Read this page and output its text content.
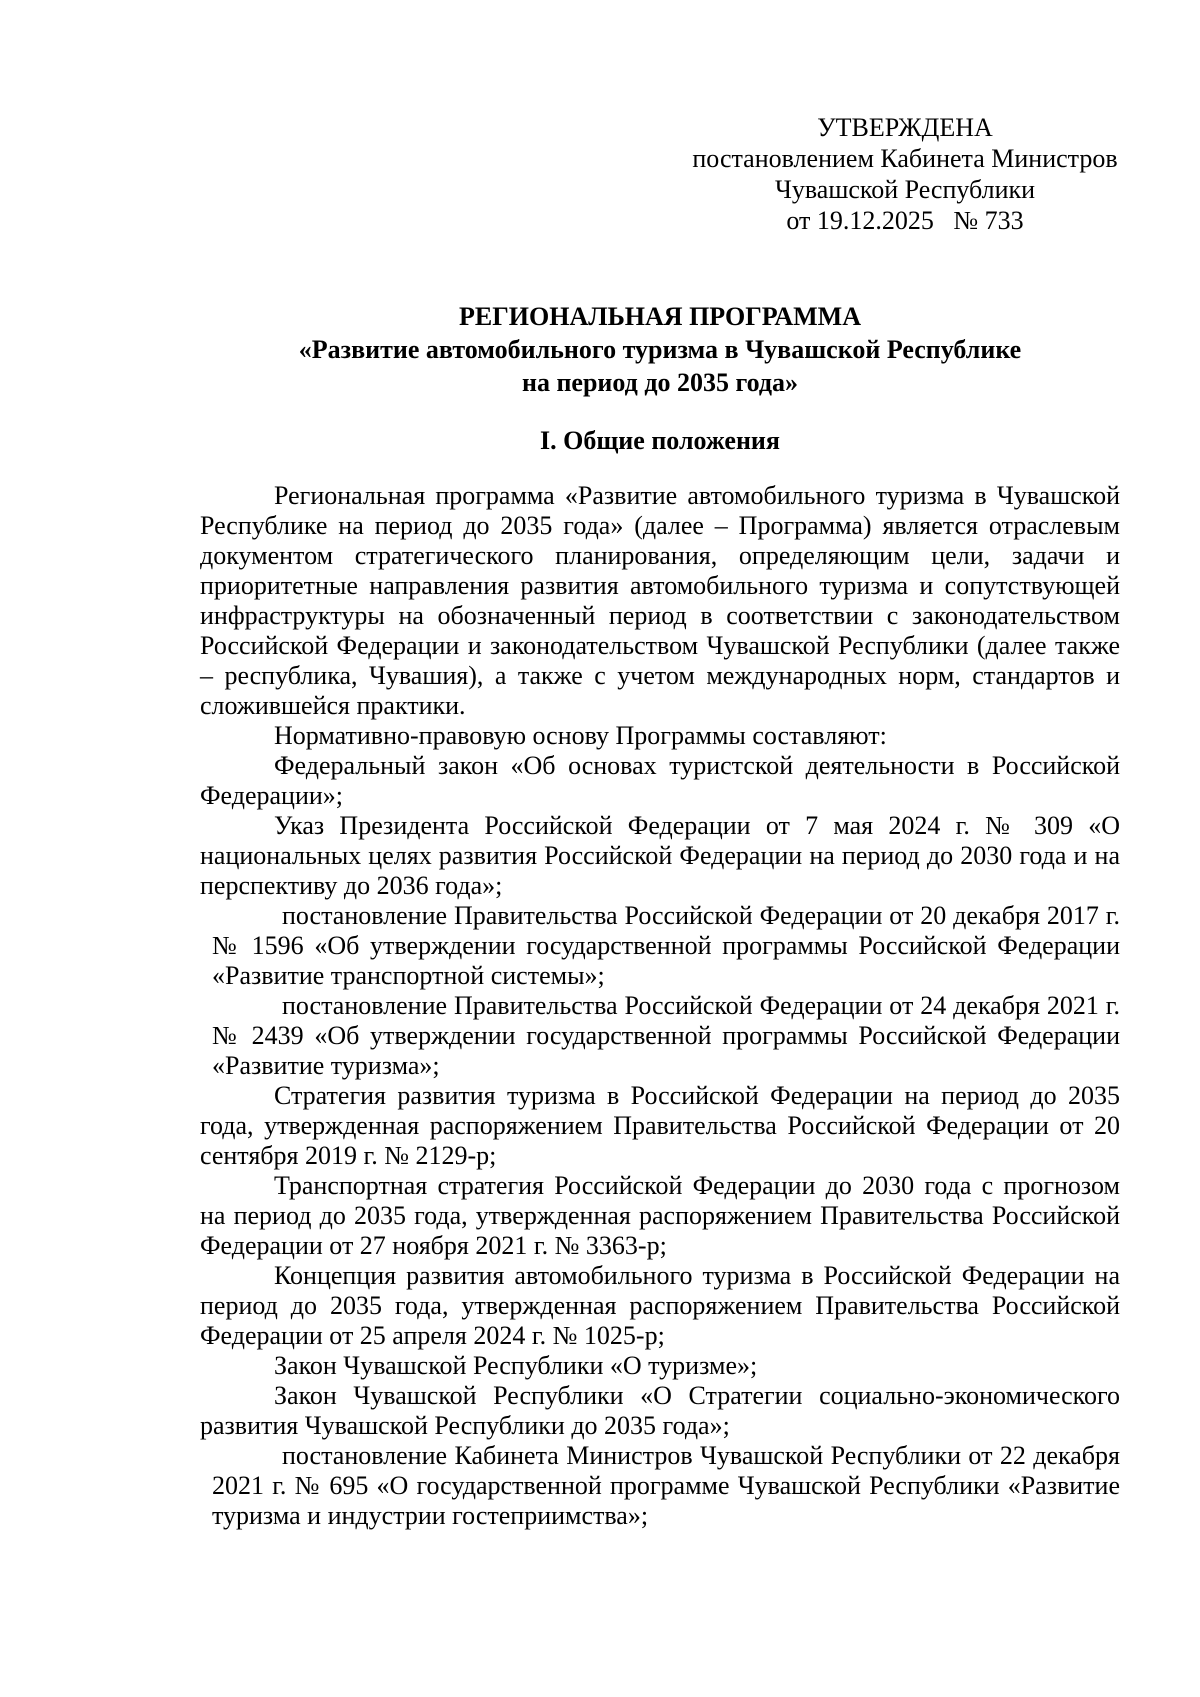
УТВЕРЖДЕНА
постановлением Кабинета Министров
Чувашской Республики
от 19.12.2025   № 733
РЕГИОНАЛЬНАЯ ПРОГРАММА
«Развитие автомобильного туризма в Чувашской Республике
на период до 2035 года»
I. Общие положения

Региональная программа «Развитие автомобильного туризма в Чувашской Республике на период до 2035 года» (далее – Программа) является отраслевым документом стратегического планирования, определяющим цели, задачи и приоритетные направления развития автомобильного туризма и сопутствующей инфраструктуры на обозначенный период в соответствии с законодательством Российской Федерации и законодательством Чувашской Республики (далее также – республика, Чувашия), а также с учетом международных норм, стандартов и сложившейся практики.

Нормативно-правовую основу Программы составляют:

Федеральный закон «Об основах туристской деятельности в Российской Федерации»;

Указ Президента Российской Федерации от 7 мая 2024 г. № 309 «О национальных целях развития Российской Федерации на период до 2030 года и на перспективу до 2036 года»;

постановление Правительства Российской Федерации от 20 декабря 2017 г. № 1596 «Об утверждении государственной программы Российской Федерации «Развитие транспортной системы»;

постановление Правительства Российской Федерации от 24 декабря 2021 г. № 2439 «Об утверждении государственной программы Российской Федерации «Развитие туризма»;

Стратегия развития туризма в Российской Федерации на период до 2035 года, утвержденная распоряжением Правительства Российской Федерации от 20 сентября 2019 г. № 2129-р;

Транспортная стратегия Российской Федерации до 2030 года с прогнозом на период до 2035 года, утвержденная распоряжением Правительства Российской Федерации от 27 ноября 2021 г. № 3363-р;

Концепция развития автомобильного туризма в Российской Федерации на период до 2035 года, утвержденная распоряжением Правительства Российской Федерации от 25 апреля 2024 г. № 1025-р;

Закон Чувашской Республики «О туризме»;

Закон Чувашской Республики «О Стратегии социально-экономического развития Чувашской Республики до 2035 года»;

постановление Кабинета Министров Чувашской Республики от 22 декабря 2021 г. № 695 «О государственной программе Чувашской Республики «Развитие туризма и индустрии гостеприимства»;
